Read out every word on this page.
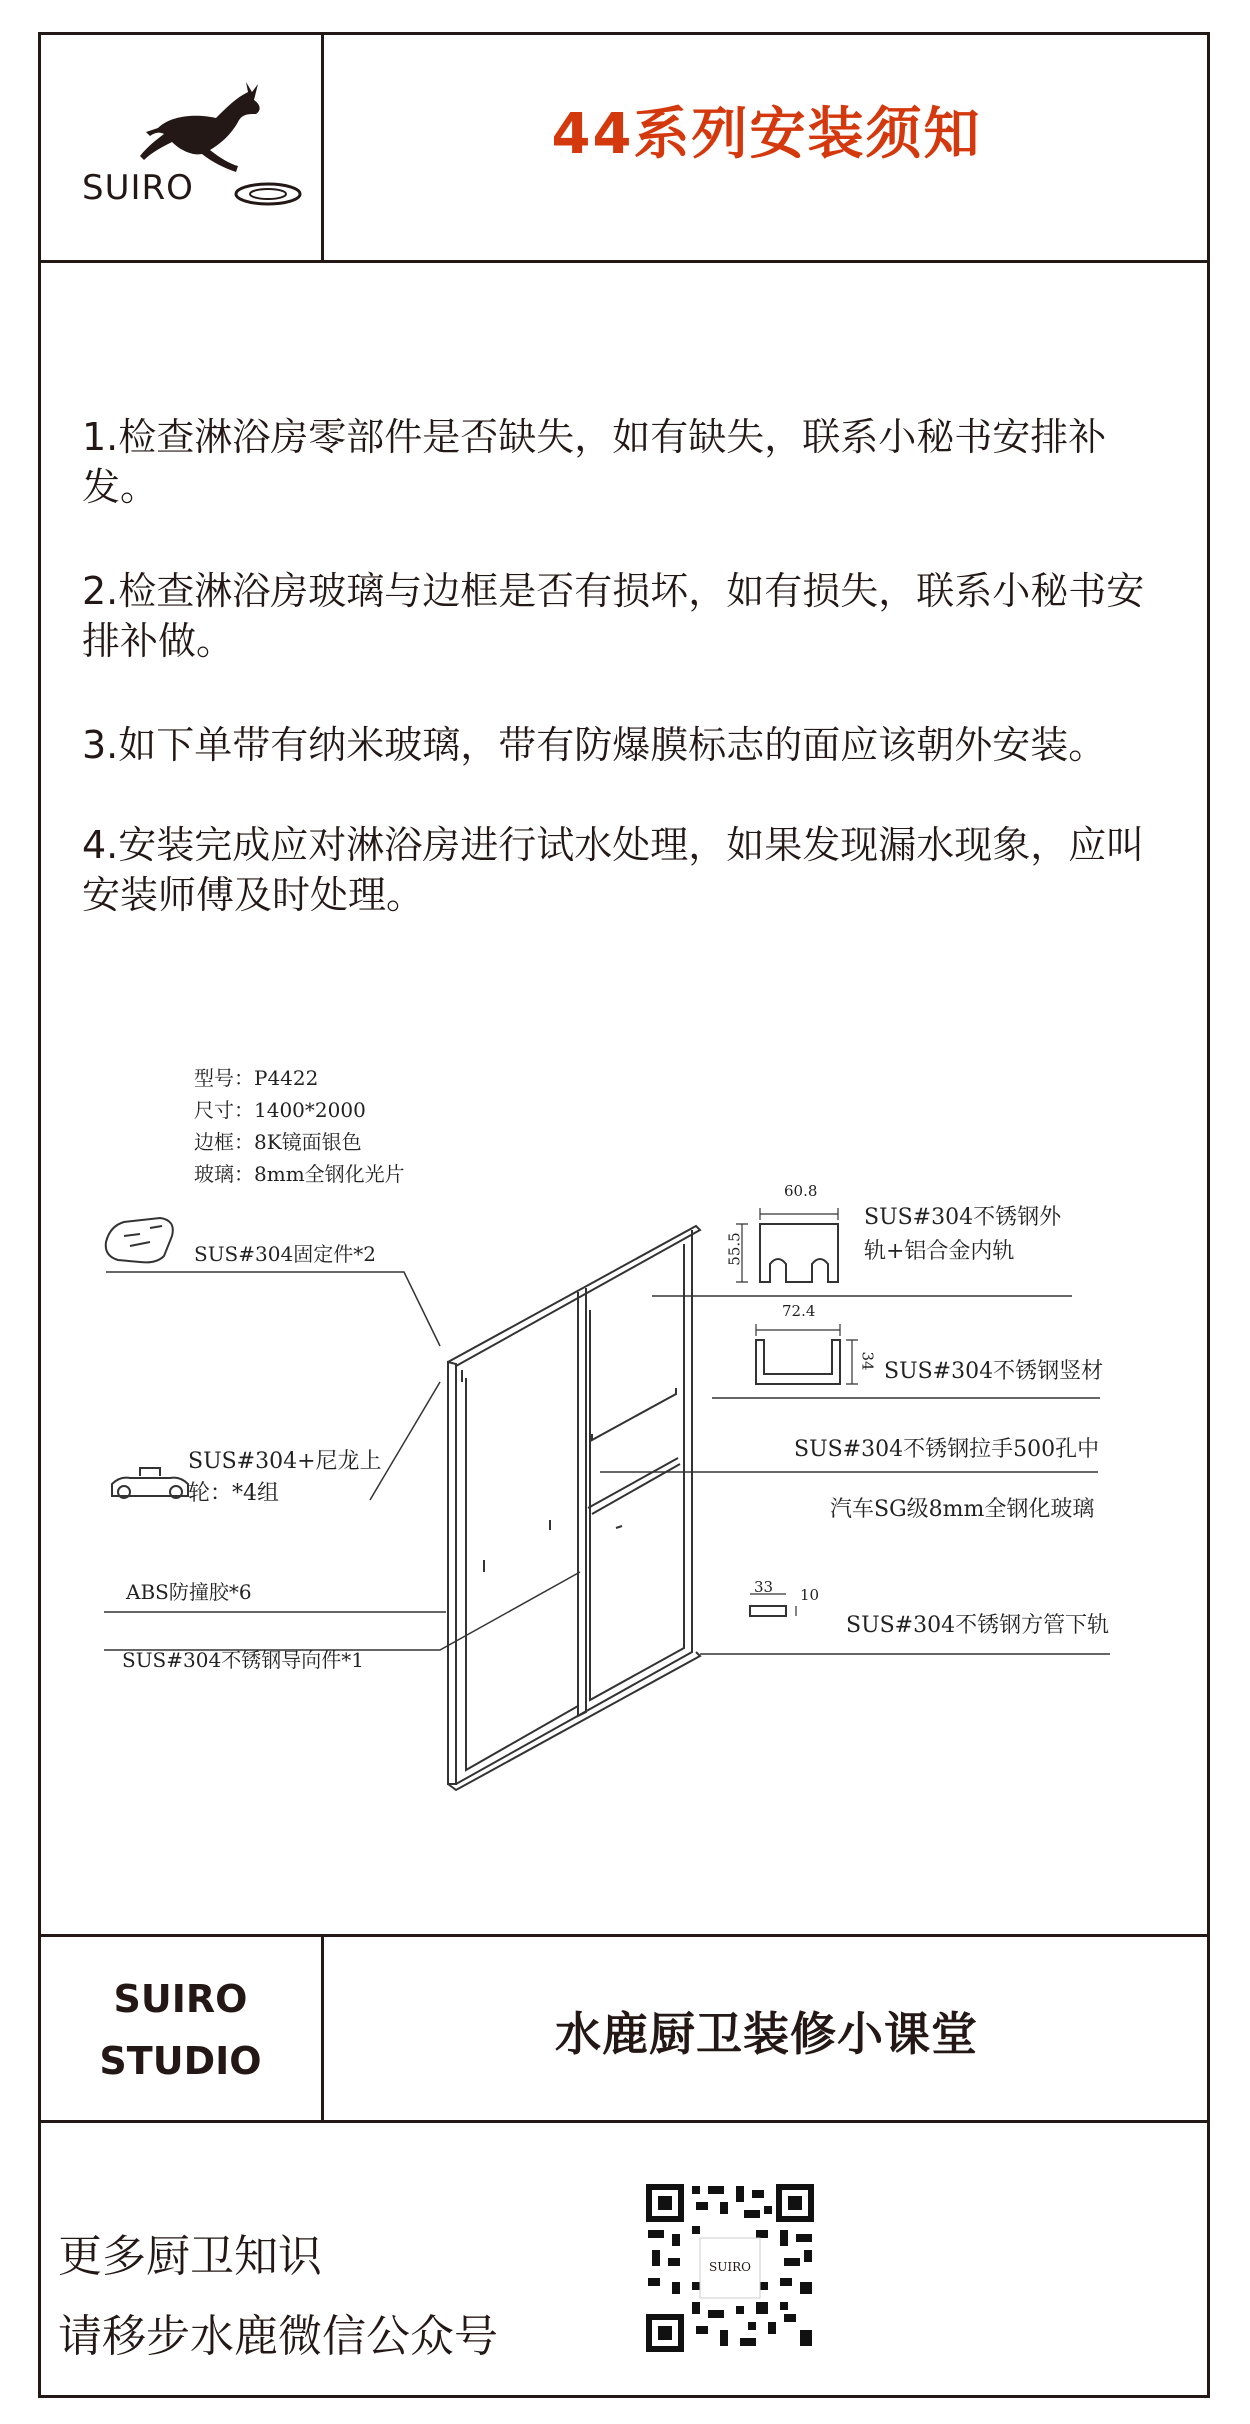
SUIRO
44系列安装须知

1.检查淋浴房零部件是否缺失，如有缺失，联系小秘书安排补发。

2.检查淋浴房玻璃与边框是否有损坏，如有损失，联系小秘书安排补做。

3.如下单带有纳米玻璃，带有防爆膜标志的面应该朝外安装。

4.安装完成应对淋浴房进行试水处理，如果发现漏水现象，应叫安装师傅及时处理。

型号：P4422
尺寸：1400*2000
边框：8K镜面银色
玻璃：8mm全钢化光片
SUS#304固定件*2
SUS#304+尼龙上
轮：*4组
ABS防撞胶*6
SUS#304不锈钢导向件*1
SUS#304不锈钢外
轨+铝合金内轨
SUS#304不锈钢竖材
SUS#304不锈钢拉手500孔中
汽车SG级8mm全钢化玻璃
SUS#304不锈钢方管下轨
60.8
55.5
72.4
34
33 10
SUIRO
STUDIO	水鹿厨卫装修小课堂
更多厨卫知识
请移步水鹿微信公众号
SUIRO
